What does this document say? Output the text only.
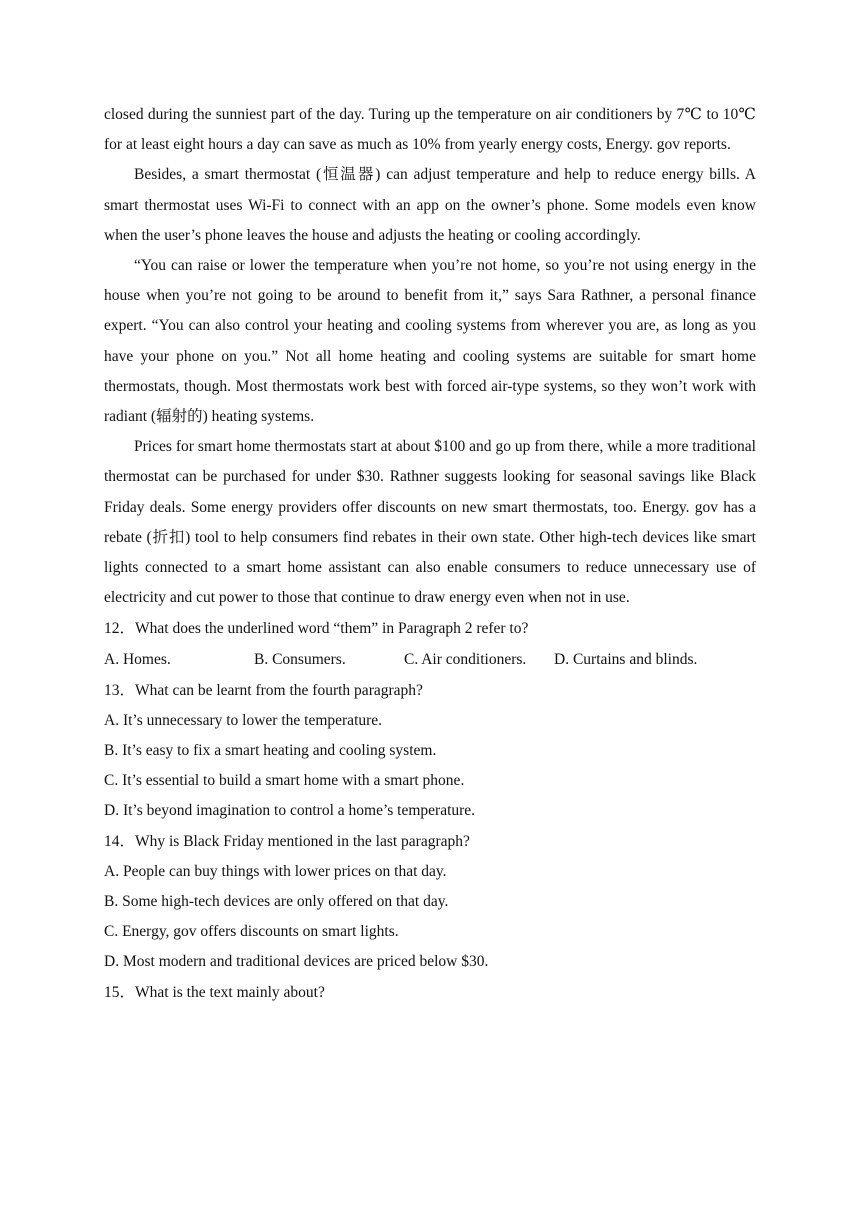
closed during the sunniest part of the day. Turing up the temperature on air conditioners by 7℃ to 10℃ for at least eight hours a day can save as much as 10% from yearly energy costs, Energy. gov reports.

Besides, a smart thermostat (恒温器) can adjust temperature and help to reduce energy bills. A smart thermostat uses Wi-Fi to connect with an app on the owner’s phone. Some models even know when the user’s phone leaves the house and adjusts the heating or cooling accordingly.

“You can raise or lower the temperature when you’re not home, so you’re not using energy in the house when you’re not going to be around to benefit from it,” says Sara Rathner, a personal finance expert. “You can also control your heating and cooling systems from wherever you are, as long as you have your phone on you.” Not all home heating and cooling systems are suitable for smart home thermostats, though. Most thermostats work best with forced air-type systems, so they won’t work with radiant (辐射的) heating systems.

Prices for smart home thermostats start at about $100 and go up from there, while a more traditional thermostat can be purchased for under $30. Rathner suggests looking for seasonal savings like Black Friday deals. Some energy providers offer discounts on new smart thermostats, too. Energy. gov has a rebate (折扣) tool to help consumers find rebates in their own state. Other high-tech devices like smart lights connected to a smart home assistant can also enable consumers to reduce unnecessary use of electricity and cut power to those that continue to draw energy even when not in use.

12．What does the underlined word “them” in Paragraph 2 refer to?

A. Homes.	B. Consumers.	C. Air conditioners.	D. Curtains and blinds.

13．What can be learnt from the fourth paragraph?

A. It’s unnecessary to lower the temperature.

B. It’s easy to fix a smart heating and cooling system.

C. It’s essential to build a smart home with a smart phone.

D. It’s beyond imagination to control a home’s temperature.

14．Why is Black Friday mentioned in the last paragraph?

A. People can buy things with lower prices on that day.

B. Some high-tech devices are only offered on that day.

C. Energy, gov offers discounts on smart lights.

D. Most modern and traditional devices are priced below $30.

15．What is the text mainly about?
